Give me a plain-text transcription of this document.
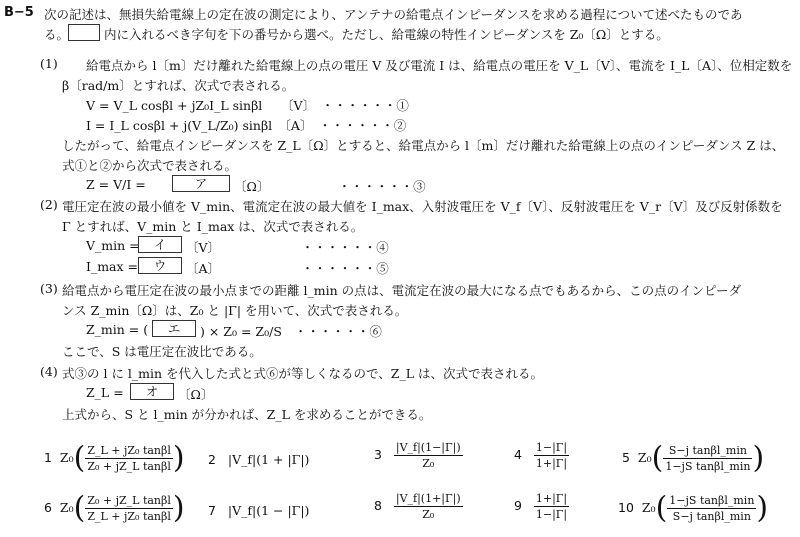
B−5 次の記述は、無損失給電線上の定在波の測定により、アンテナの給電点インピーダンスを求める過程について述べたものであ
る。	内に入れるべき字句を下の番号から選べ。ただし、給電線の特性インピーダンスを Z₀〔Ω〕とする。
(1) 給電点から l〔m〕だけ離れた給電線上の点の電圧 V 及び電流 I は、給電点の電圧を V_L〔V〕、電流を I_L〔A〕、位相定数を
β〔rad/m〕とすれば、次式で表される。
V = V_L cosβl + jZ₀I_L sinβl　　〔V〕　・・・・・・①
I = I_L cosβl + j(V_L/Z₀) sinβl　〔A〕　・・・・・・②
したがって、給電点インピーダンスを Z_L〔Ω〕とすると、給電点から l〔m〕だけ離れた給電線上の点のインピーダンス Z は、
式①と②から次式で表される。
Z = V/I =	ア	〔Ω〕　　　　　　・・・・・・③
(2) 電圧定在波の最小値を V_min、電流定在波の最大値を I_max、入射波電圧を V_f〔V〕、反射波電圧を V_r〔V〕及び反射係数を
Γ とすれば、V_min と I_max は、次式で表される。
V_min =	イ	〔V〕　　　　　　　・・・・・・④
I_max =	ウ	〔A〕　　　　　　　・・・・・・⑤
(3) 給電点から電圧定在波の最小点までの距離 l_min の点は、電流定在波の最大になる点でもあるから、この点のインピーダ
ンス Z_min〔Ω〕は、Z₀ と |Γ| を用いて、次式で表される。
Z_min = (	エ	) × Z₀ = Z₀/S　・・・・・・⑥
ここで、S は電圧定在波比である。
(4) 式③の l に l_min を代入した式と式⑥が等しくなるので、Z_L は、次式で表される。
Z_L =	オ	〔Ω〕
上式から、S と l_min が分かれば、Z_L を求めることができる。
1 $Z_0( \frac{\text{Z\_L + jZ₀ tanβl}}{\text{Z₀ + jZ\_L tanβl}}$ ) 2 |V_f|(1 + |Γ|)	$3 \frac{|V\_f|(1-|\Gamma|)}{\text{Z₀}}$	$4 \frac{1-|\Gamma|}{1+|\Gamma|}$	5 $Z_0( \frac{\text{S−j tanβl\_min}}{\text{1−jS tanβl\_min}}$ )
6 $Z_0( \frac{\text{Z₀ + jZ\_L tanβl}}{\text{Z\_L + jZ₀ tanβl}}$ ) 7 |V_f|(1 − |Γ|)	$8 \frac{|V\_f|(1+|\Gamma|)}{\text{Z₀}}$	$9 \frac{1+|\Gamma|}{1-|\Gamma|}$	10 $Z_0( \frac{\text{1−jS tanβl\_min}}{\text{S−j tanβl\_min}}$ )
